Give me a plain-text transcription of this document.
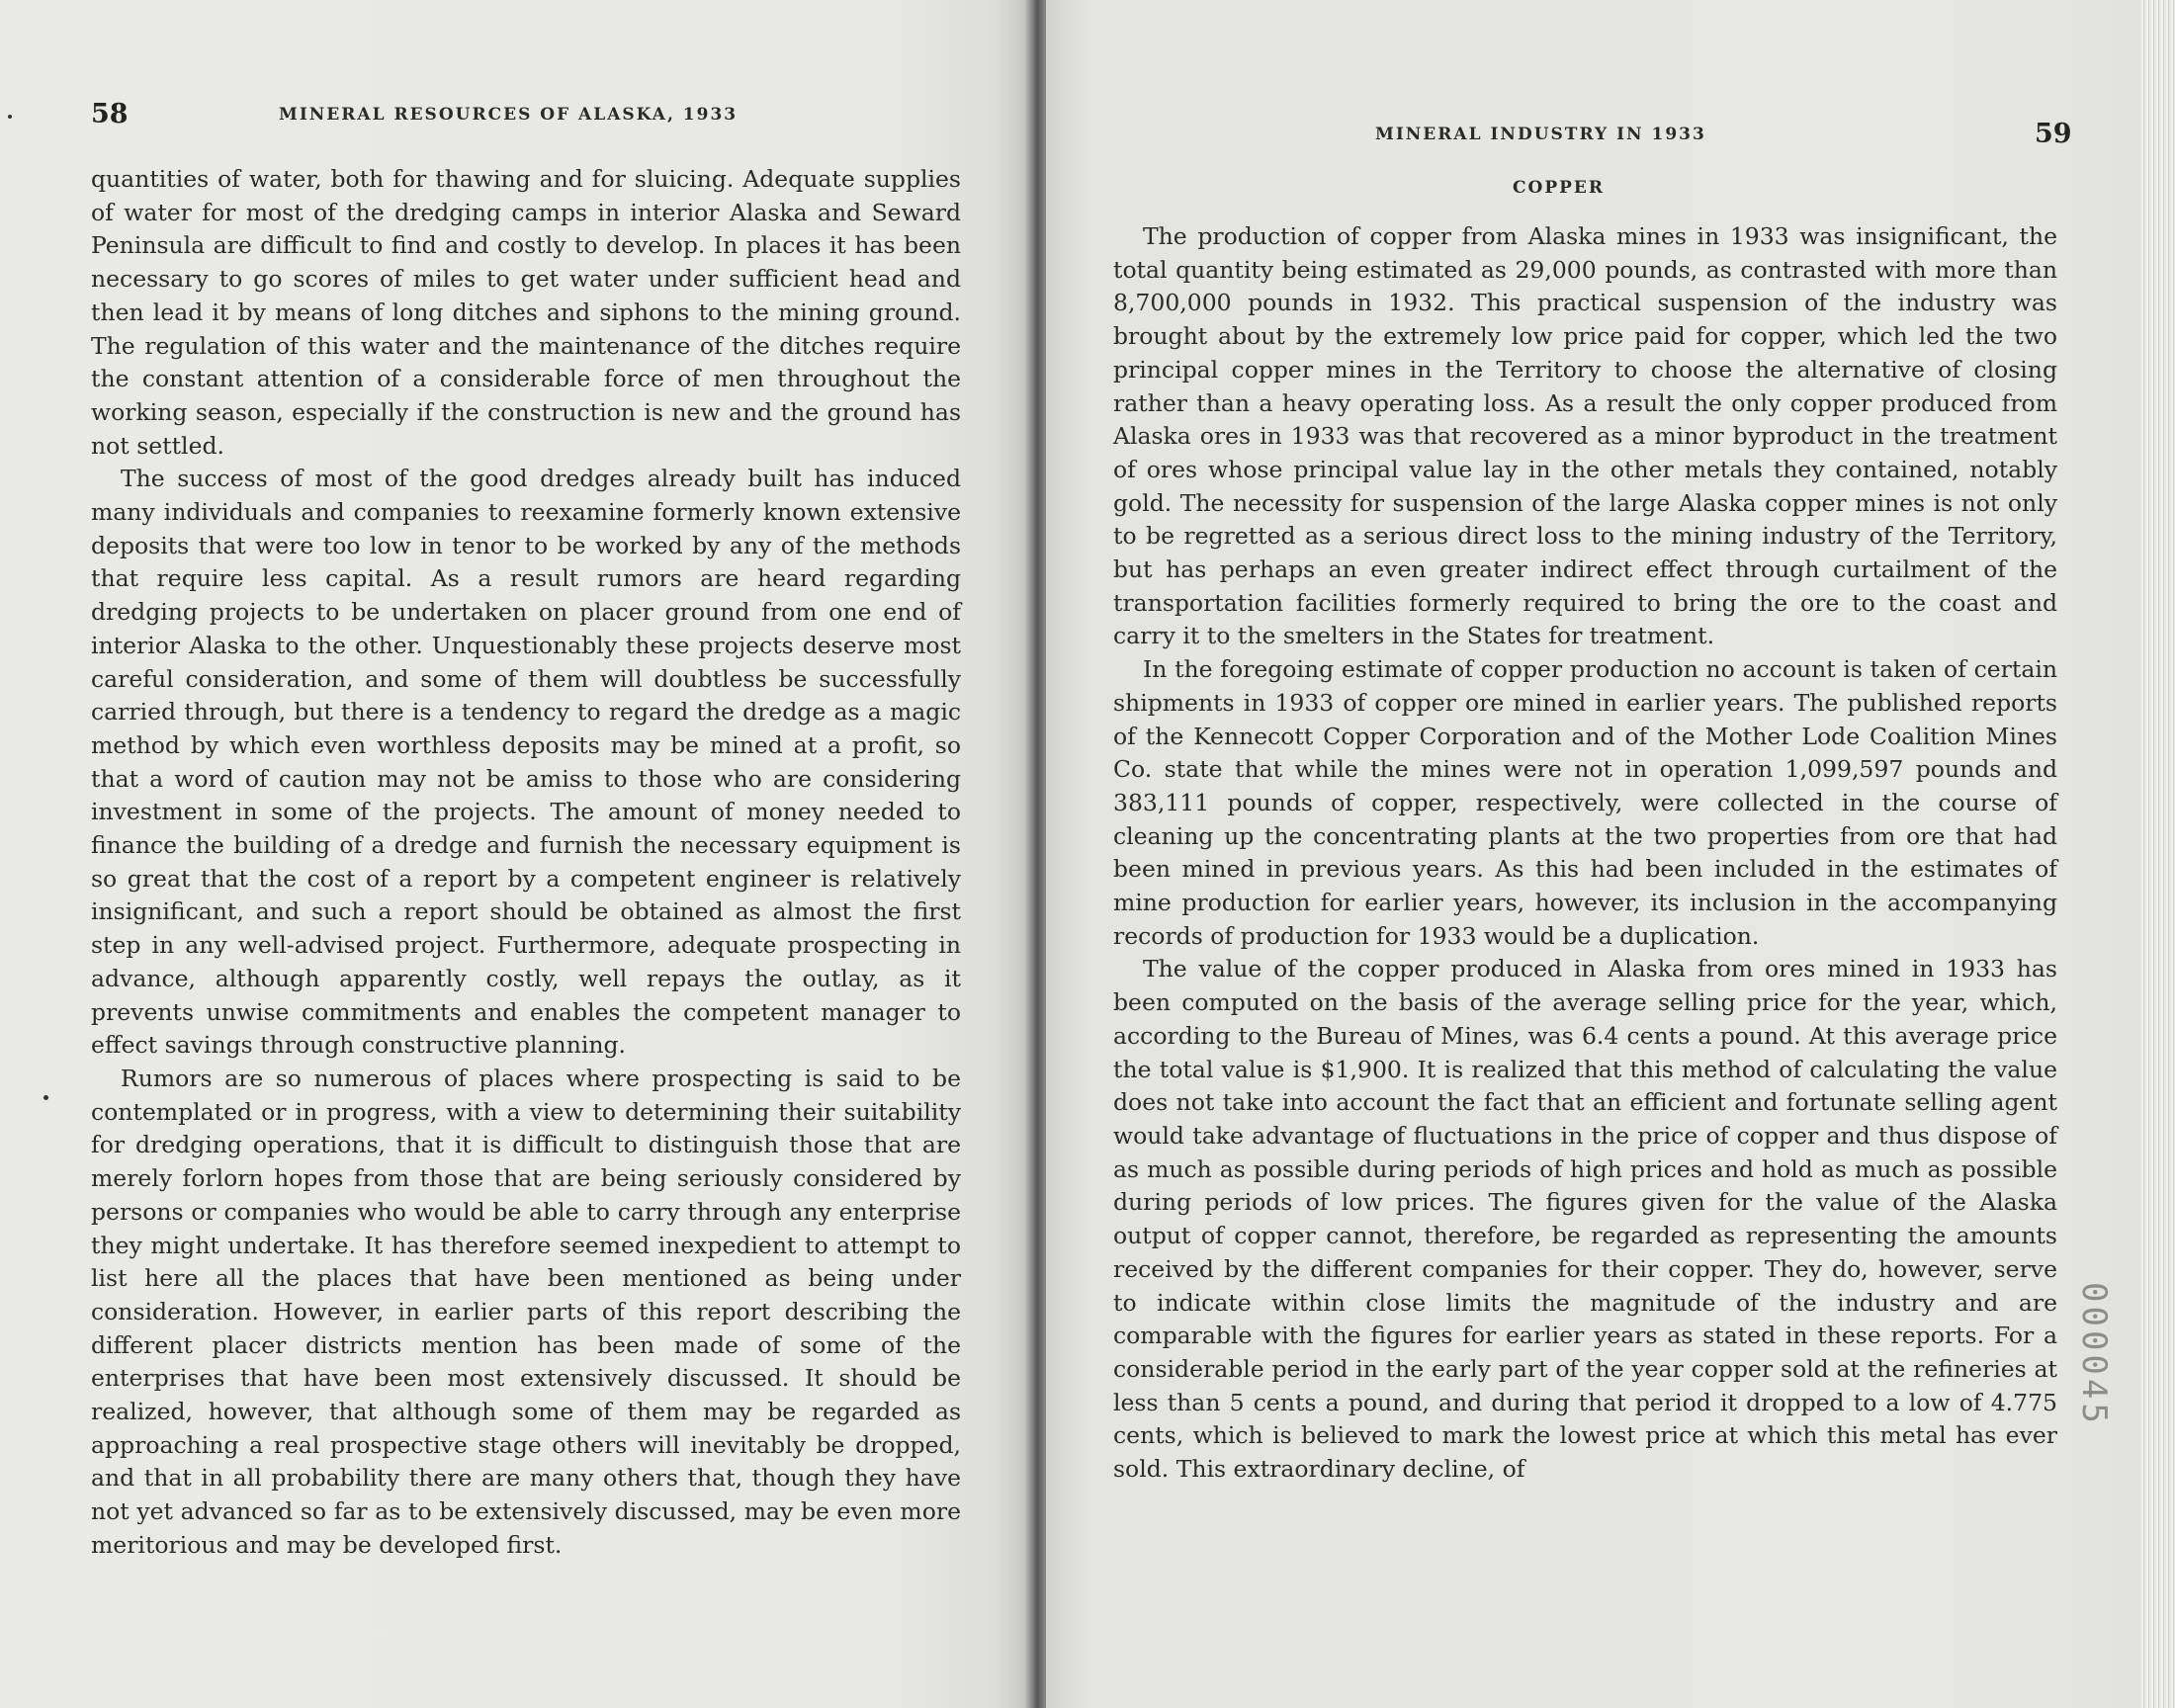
58	MINERAL RESOURCES OF ALASKA, 1933

quantities of water, both for thawing and for sluicing. Adequate supplies of water for most of the dredging camps in interior Alaska and Seward Peninsula are difficult to find and costly to develop. In places it has been necessary to go scores of miles to get water under sufficient head and then lead it by means of long ditches and siphons to the mining ground. The regulation of this water and the maintenance of the ditches require the constant attention of a considerable force of men throughout the working season, especially if the construction is new and the ground has not settled.

The success of most of the good dredges already built has induced many individuals and companies to reexamine formerly known extensive deposits that were too low in tenor to be worked by any of the methods that require less capital. As a result rumors are heard regarding dredging projects to be undertaken on placer ground from one end of interior Alaska to the other. Unquestionably these projects deserve most careful consideration, and some of them will doubtless be successfully carried through, but there is a tendency to regard the dredge as a magic method by which even worthless deposits may be mined at a profit, so that a word of caution may not be amiss to those who are considering investment in some of the projects. The amount of money needed to finance the building of a dredge and furnish the necessary equipment is so great that the cost of a report by a competent engineer is relatively insignificant, and such a report should be obtained as almost the first step in any well-advised project. Furthermore, adequate prospecting in advance, although apparently costly, well repays the outlay, as it prevents unwise commitments and enables the competent manager to effect savings through constructive planning.

Rumors are so numerous of places where prospecting is said to be contemplated or in progress, with a view to determining their suitability for dredging operations, that it is difficult to distinguish those that are merely forlorn hopes from those that are being seriously considered by persons or companies who would be able to carry through any enterprise they might undertake. It has therefore seemed inexpedient to attempt to list here all the places that have been mentioned as being under consideration. However, in earlier parts of this report describing the different placer districts mention has been made of some of the enterprises that have been most extensively discussed. It should be realized, however, that although some of them may be regarded as approaching a real prospective stage others will inevitably be dropped, and that in all probability there are many others that, though they have not yet advanced so far as to be extensively discussed, may be even more meritorious and may be developed first.

MINERAL INDUSTRY IN 1933	59
COPPER

The production of copper from Alaska mines in 1933 was insignificant, the total quantity being estimated as 29,000 pounds, as contrasted with more than 8,700,000 pounds in 1932. This practical suspension of the industry was brought about by the extremely low price paid for copper, which led the two principal copper mines in the Territory to choose the alternative of closing rather than a heavy operating loss. As a result the only copper produced from Alaska ores in 1933 was that recovered as a minor byproduct in the treatment of ores whose principal value lay in the other metals they contained, notably gold. The necessity for suspension of the large Alaska copper mines is not only to be regretted as a serious direct loss to the mining industry of the Territory, but has perhaps an even greater indirect effect through curtailment of the transportation facilities formerly required to bring the ore to the coast and carry it to the smelters in the States for treatment.

In the foregoing estimate of copper production no account is taken of certain shipments in 1933 of copper ore mined in earlier years. The published reports of the Kennecott Copper Corporation and of the Mother Lode Coalition Mines Co. state that while the mines were not in operation 1,099,597 pounds and 383,111 pounds of copper, respectively, were collected in the course of cleaning up the concentrating plants at the two properties from ore that had been mined in previous years. As this had been included in the estimates of mine production for earlier years, however, its inclusion in the accompanying records of production for 1933 would be a duplication.

The value of the copper produced in Alaska from ores mined in 1933 has been computed on the basis of the average selling price for the year, which, according to the Bureau of Mines, was 6.4 cents a pound. At this average price the total value is $1,900. It is realized that this method of calculating the value does not take into account the fact that an efficient and fortunate selling agent would take advantage of fluctuations in the price of copper and thus dispose of as much as possible during periods of high prices and hold as much as possible during periods of low prices. The figures given for the value of the Alaska output of copper cannot, therefore, be regarded as representing the amounts received by the different companies for their copper. They do, however, serve to indicate within close limits the magnitude of the industry and are comparable with the figures for earlier years as stated in these reports. For a considerable period in the early part of the year copper sold at the refineries at less than 5 cents a pound, and during that period it dropped to a low of 4.775 cents, which is believed to mark the lowest price at which this metal has ever sold. This extraordinary decline, of

000045
